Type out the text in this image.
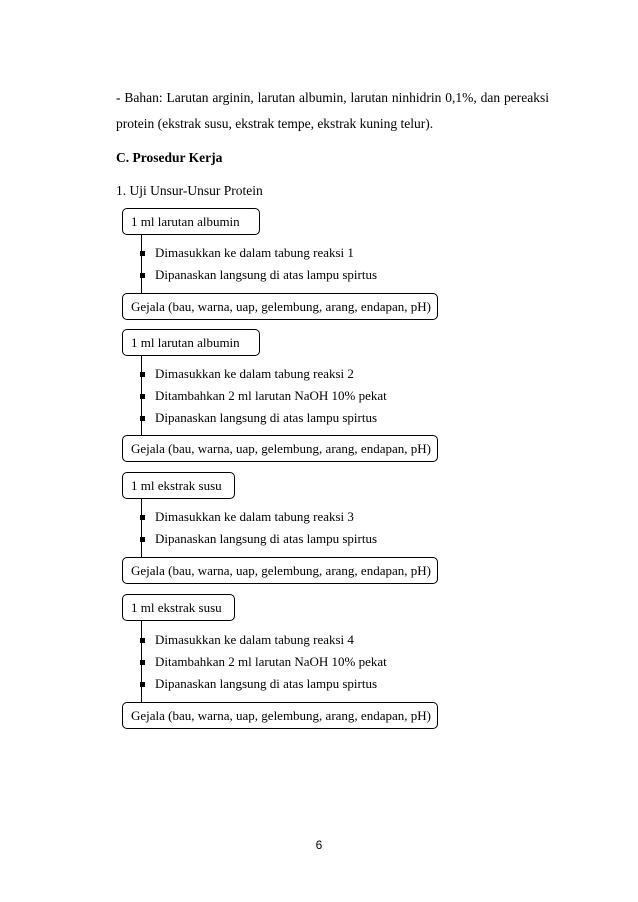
- Bahan: Larutan arginin, larutan albumin, larutan ninhidrin 0,1%, dan pereaksi
protein (ekstrak susu, ekstrak tempe, ekstrak kuning telur).
C. Prosedur Kerja
1. Uji Unsur-Unsur Protein
1 ml larutan albumin
Dimasukkan ke dalam tabung reaksi 1
Dipanaskan langsung di atas lampu spirtus
Gejala (bau, warna, uap, gelembung, arang, endapan, pH)
1 ml larutan albumin
Dimasukkan ke dalam tabung reaksi 2
Ditambahkan 2 ml larutan NaOH 10% pekat
Dipanaskan langsung di atas lampu spirtus
Gejala (bau, warna, uap, gelembung, arang, endapan, pH)
1 ml ekstrak susu
Dimasukkan ke dalam tabung reaksi 3
Dipanaskan langsung di atas lampu spirtus
Gejala (bau, warna, uap, gelembung, arang, endapan, pH)
1 ml ekstrak susu
Dimasukkan ke dalam tabung reaksi 4
Ditambahkan 2 ml larutan NaOH 10% pekat
Dipanaskan langsung di atas lampu spirtus
Gejala (bau, warna, uap, gelembung, arang, endapan, pH)
6
